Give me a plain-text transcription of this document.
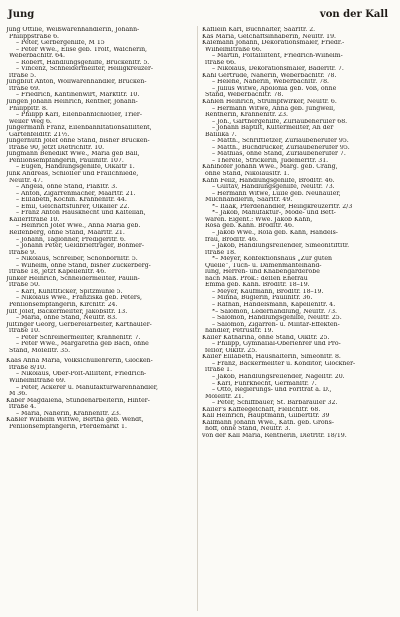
Jung	von der Kall
Jung Ottilie, Weißwarenhändlerin, Johann-
Philippstraße 6.
– Peter, Gerbergehilfe, M 15
– Peter Wwe., Elise geb. Troſt, Wäſcherin,
Weberbachſtr. 64.
– Robert, Handlungsgehilfe, Brückenſtr. 5.
– Vincenz, Schneidermeiſter, Heiligkreuzer-
ſtraße 5.
Jungblut Anton, Wollwarenhändler, Brücken-
ſtraße 69.
– Friedrich, Kantinenwirt, Marktſtr. 10.
Jungen Johann Heinrich, Rentner, Johann-
Philippſtr. 8.
– Philipp Karl, Eiſenbahnſchloſſer, Trier-
weiler Weg 6.
Jungermann Franz, Eiſenbahnſtationsaſſiſtent,
Gartenfeldſtr. 21½.
Jungerhuth Joſef ohne Stand, bisher Brücken-
ſtraße 90, jetzt Dietrichſtr. 10.
Jungmann Benedikt Wwe., Maria geb Ball,
Penſionsempfängerin, Paulinſtr. 107.
– Eugen, Handlungsgehilfe, Olkaſtr 1.
Junk Andreas, Schloſſer und Fraiſchniede,
Neuſtr. 47.
– Angela, ohne Stand, Plaßſtr. 3.
– Anton, Zigarrenmacher, Maarſtr. 21.
– Eliſabeth, Köchin. Krahnenſtr. 44.
– Emil, Geſchäftsführer, Olkaller 22.
– Franz Anton Hausknecht und Kaſtellan,
Kaiſerſtraße 10.
– Heinrich Joſef Wwe., Anna Maria geb.
Reifenberg, ohne Stand, Maarſtr. 21.
– Johann, Taglöhner, Predigerſtr. 6.
– Johann Peter, Geldbriefträger, Böhmer-
ſtraße 9.
– Nikolaus, Schreiber, Schönbornſtr. 5.
– Wilhelm, ohne Stand, bisher Zuckerberg-
ſtraße 18, jetzt Kapellenſtr. 46.
Junker Heinrich, Schneidermeiſter, Paulin-
ſtraße 50.
– Karl, Kunſtſticker, Spitzmühle 5.
– Nikolaus Wwe., Franziska geb. Peters,
Penſionsempfängerin, Kirchſtr. 24.
Juſt Joſef, Bäckermeiſter, Jakobsſtr. 13.
– Maria, ohne Stand, Neuſtr. 83.
Juſtinger Georg, Gerbereiarbeiter, Karthäuſer-
ſtraße 10.
– Peter Schreinermeiſter, Krahnenſtr. 7.
– Peter Wwe., Margaretha geb Bach, ohne
Stand, Moſelſtr. 35.
Kaas Anna Maria, Volksſchullehrerin, Glocken-
ſtraße 8/10.
– Nikolaus, Ober-Poſt-Aſſiſtent, Friedrich-
Wilhelmſtraße 69.
– Peter, Ackerer u. Manufakturwarenhändler,
M 36.
Kaber Magdalena, Stundenarbeiterin, Hinter-
ſtraße 4.
– Maria, Näherin, Krahnenſtr. 23.
Käßler Wilhelm Wittwe, Bertha geb. Wendt,
Penſionsempfängerin, Pferdemarkt 1.
Käfſlein Karl, Buchhalter, Saarſtr. 2.
Käs Maria, Geſchäftsinhaberin, Neuſtr. 19.
Käſemann Johann, Dekorationsmaler, Friedr.-
Wilhelmſtraße 66.
– Martin, Poſtaſſiſtent, Friedrich-Wilhelm-
ſtraße 66.
– Nikolaus, Dekorationsmaler, Bäderſtr. 7.
Kahl Gertrude, Näherin, Weberbachſtr. 78.
– Helene, Näherin, Weberbachſtr. 78.
– Julius Witwe, Apolonia geb. Voß, ohne
Stand, Weberbachſtr. 78.
Kahlen Heinrich, Strumpfwirker, Neuſtr. 6.
– Hermann Witwe, Anna geb. Jungwell,
Rentnerin, Krahnenſtr. 23.
– Joh., Gärtnergehilfe, Zurlaubeneruſer 68.
– Johann Baptiſt, Küſtermeiſter, An der
Baſilika 7.
– Matth., Schriftſetzer, Zurlaubenerufer 95.
– Matth., Buchdrucker, Zurlaubenerufer 95.
– Mathias, ohne Stand, Zurlaubenerufer 7.
– Thereſe, Strickerin, Jüdemerſtr. 31.
Kahlhöfer Johann Wwe., Marg. geb. Crang,
ohne Stand, Nikolausſtr. 1.
Kahn Feliz, Handlungsgehilfe, Brodſtr. 46.
– Guſtav, Handlungsgehilfe, Neuſtr. 73.
– Hermann Witwe, Luiſe geb. Neuhäuſer,
Milchhändlerin, Saarſtr. 49.
*– Iſaak, Pferdehändler, Heiligkreuzerſtr. 2/3
*– Jakob, Manufaktur-, Mode- und Bett-
waren. Eigent.: Wwe. Jakob Kahn,
Rosa geb. Kahn. Brodſtr. 46.
– Jakob Wwe., Roſa geb. Kahn, Handels-
frau, Brodſtr. 46.
– Jakob, Handlungsreiſender, Simeonſtiftſtr.
ſtraße 18.
*– Meyer, Konfektionshaus „Zur guten
Quelle“, Tuch- u. Damenmäntelhand-
lung, Herren- und Knabengarderobe
nach Maß. Prok.: deſſen Ehefrau
Emma geb. Kahn. Brodſtr. 18–19.
– Meyer, Kaufmann, Brodſtr. 18–19.
– Minna, Büglerin, Paulinſtr. 36.
– Rafhan, Handelsmann, Kapellenſtr. 4.
*– Salomon, Lederhandlung, Neuſtr. 73.
– Salomon, Handlungsgehilfe, Neuſtr. 25.
– Salomon, Zigarren- u. Militär-Effekten-
händler, Petrusſtr. 19.
Kaiſer Katharina, ohne Stand, Olkſtr. 25.
– Philipp, Gymnaſial-Oberlehrer und Pro-
feſſor, Olkſtr. 25.
Kaiſer Eliſabeth, Haushälterin, Simeonſtr. 8.
– Franz, Bäckermeiſter u. Konditor, Glöckner-
ſtraße 1.
– Jakob, Handlungsreiſender, Nagelſtr. 20.
– Karl, Fuhrknecht, Germanſtr. 7.
– Otto, Regierungs- und Forſtrat a. D.,
Moſelſtr. 21.
– Peter, Schiffbauer, St. Barbarauſer 32.
Kaiſer's Kaffeegeſchäft, Fleiſchſtr. 68.
Kall Heinrich, Hauptmann, Gilbertſtr. 39
Kallmann Johann Wwe., Kath. geb. Grons-
hoff, ohne Stand, Neuſtr. 3.
von der Kall Maria, Rentnerin, Dietrſtr. 18/19.
